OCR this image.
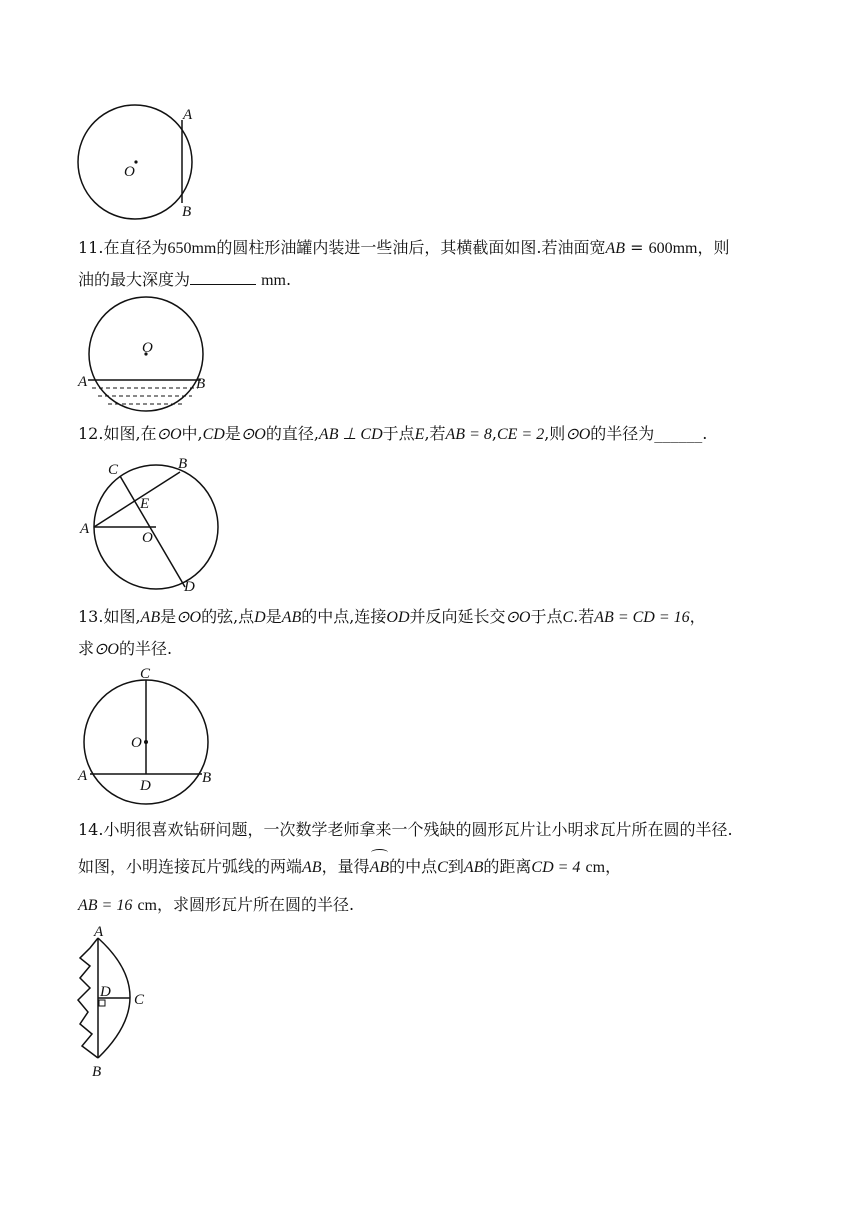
A
B
O
11.在直径为650mm的圆柱形油罐内装进一些油后，其横截面如图.若油面宽AB = 600mm，则
油的最大深度为	mm.
O
A	B
12.如图,在⊙O中,CD是⊙O的直径,AB ⊥ CD于点E,若AB = 8,CE = 2,则⊙O的半径为______.
C	B
A
E
O
D
13.如图,AB是⊙O的弦,点D是AB的中点,连接OD并反向延长交⊙O于点C.若AB = CD = 16，
求⊙O的半径.
C
O
A	B
D
14.小明很喜欢钻研问题，一次数学老师拿来一个残缺的圆形瓦片让小明求瓦片所在圆的半径.
如图，小明连接瓦片弧线的两端AB，量得AB的中点C到AB的距离CD = 4 cm，
AB = 16 cm，求圆形瓦片所在圆的半径.
A
D C
B
